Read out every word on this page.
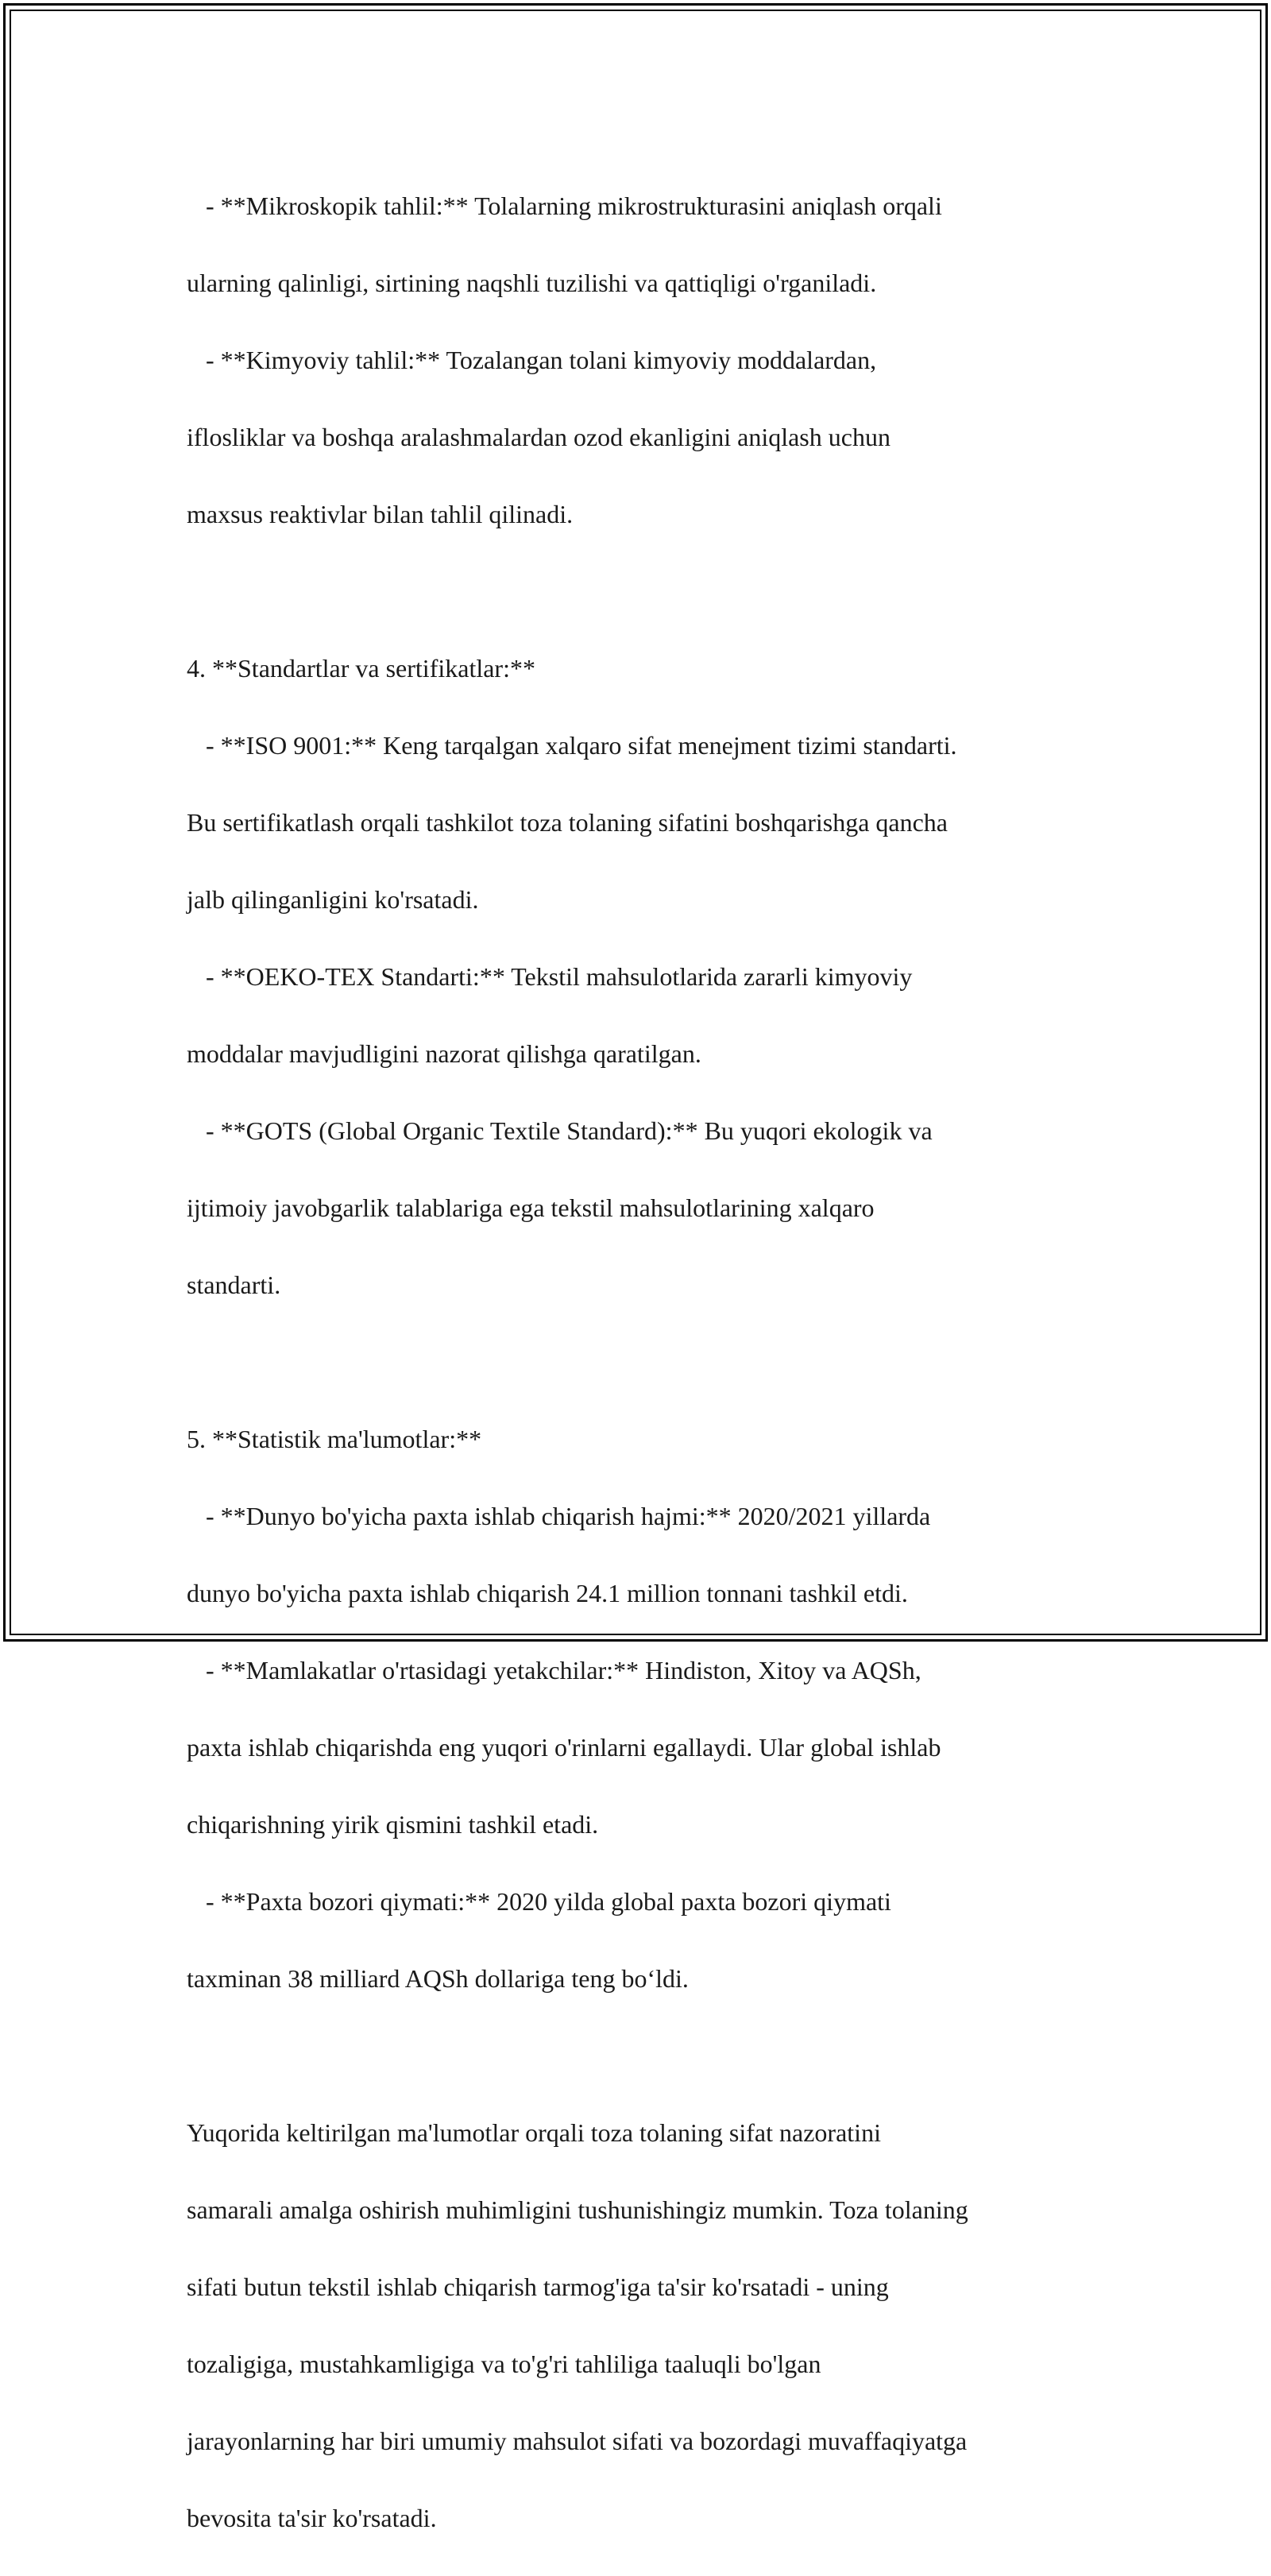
- **Mikroskopik tahlil:** Tolalarning mikrostrukturasini aniqlash orqali

ularning qalinligi, sirtining naqshli tuzilishi va qattiqligi o'rganiladi.

- **Kimyoviy tahlil:** Tozalangan tolani kimyoviy moddalardan,

iflosliklar va boshqa aralashmalardan ozod ekanligini aniqlash uchun

maxsus reaktivlar bilan tahlil qilinadi.

4. **Standartlar va sertifikatlar:**

- **ISO 9001:** Keng tarqalgan xalqaro sifat menejment tizimi standarti.

Bu sertifikatlash orqali tashkilot toza tolaning sifatini boshqarishga qancha

jalb qilinganligini ko'rsatadi.

- **OEKO-TEX Standarti:** Tekstil mahsulotlarida zararli kimyoviy

moddalar mavjudligini nazorat qilishga qaratilgan.

- **GOTS (Global Organic Textile Standard):** Bu yuqori ekologik va

ijtimoiy javobgarlik talablariga ega tekstil mahsulotlarining xalqaro

standarti.

5. **Statistik ma'lumotlar:**

- **Dunyo bo'yicha paxta ishlab chiqarish hajmi:** 2020/2021 yillarda

dunyo bo'yicha paxta ishlab chiqarish 24.1 million tonnani tashkil etdi.

- **Mamlakatlar o'rtasidagi yetakchilar:** Hindiston, Xitoy va AQSh,

paxta ishlab chiqarishda eng yuqori o'rinlarni egallaydi. Ular global ishlab

chiqarishning yirik qismini tashkil etadi.

- **Paxta bozori qiymati:** 2020 yilda global paxta bozori qiymati

taxminan 38 milliard AQSh dollariga teng bo‘ldi.

Yuqorida keltirilgan ma'lumotlar orqali toza tolaning sifat nazoratini

samarali amalga oshirish muhimligini tushunishingiz mumkin. Toza tolaning

sifati butun tekstil ishlab chiqarish tarmog'iga ta'sir ko'rsatadi - uning

tozaligiga, mustahkamligiga va to'g'ri tahliliga taaluqli bo'lgan

jarayonlarning har biri umumiy mahsulot sifati va bozordagi muvaffaqiyatga

bevosita ta'sir ko'rsatadi.
